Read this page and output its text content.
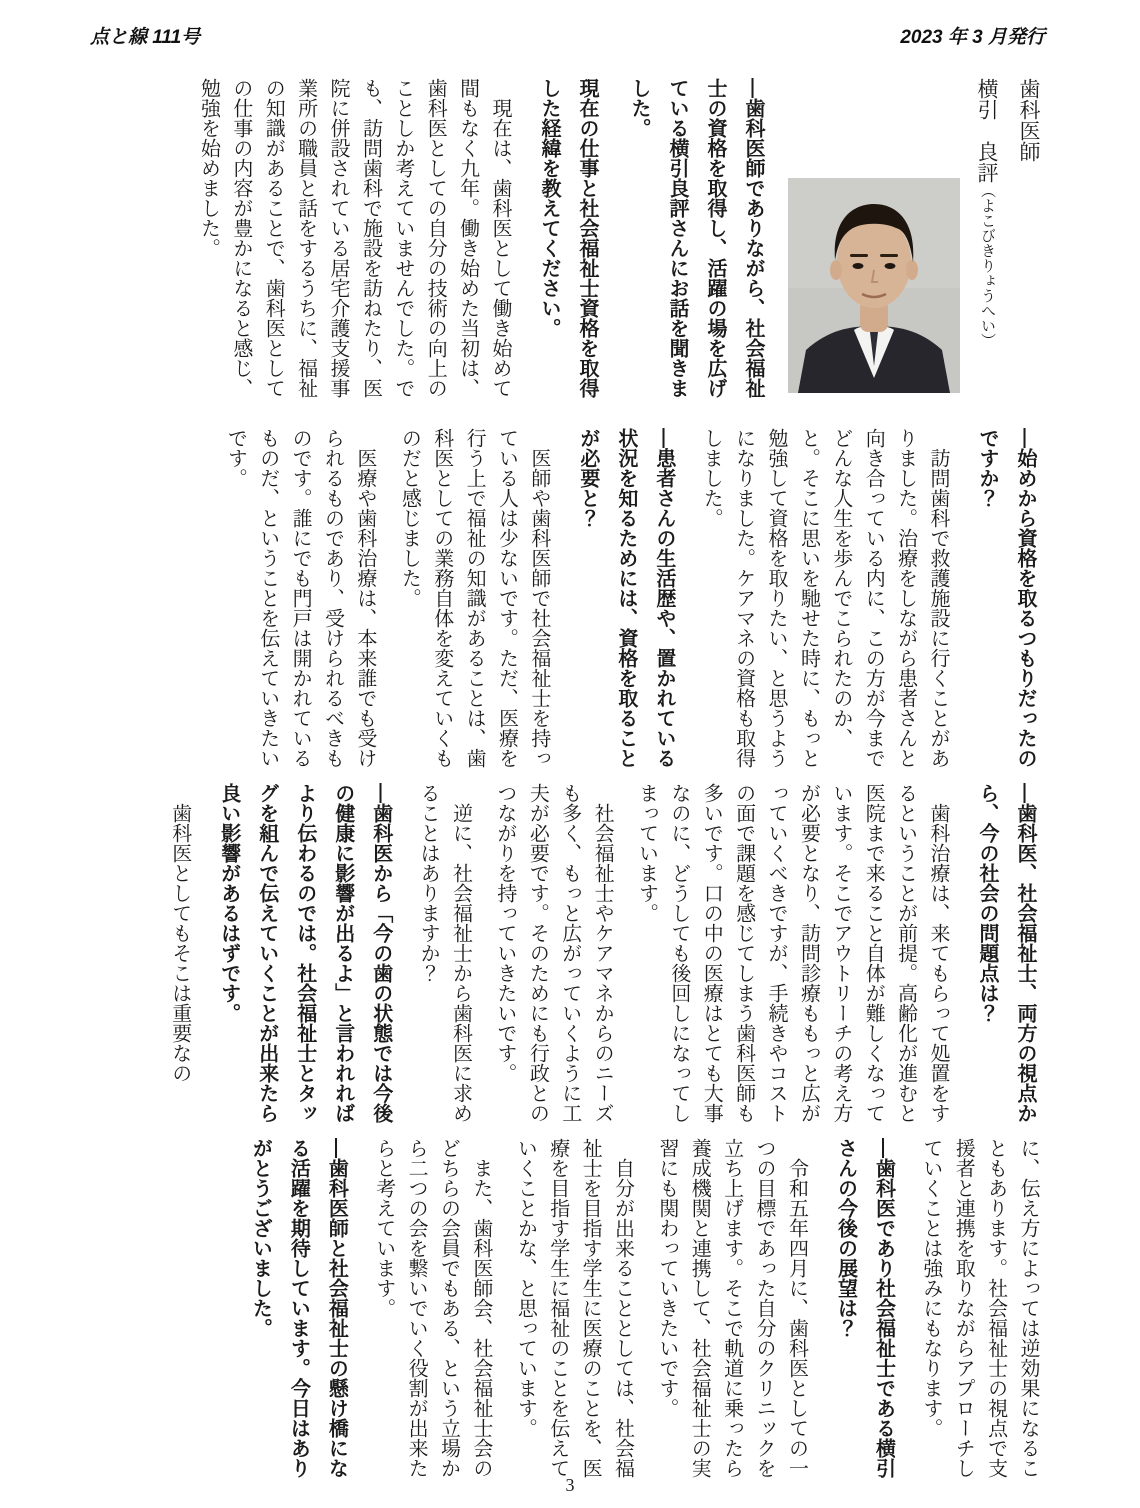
点と線 111号	2023 年 3 月発行

歯科医師

横引　良評（よこびきりょうへい）

―歯科医師でありながら、社会福祉士の資格を取得し、活躍の場を広げている横引良評さんにお話を聞きました。

現在の仕事と社会福祉士資格を取得した経緯を教えてください。

　現在は、歯科医として働き始めて間もなく九年。働き始めた当初は、歯科医としての自分の技術の向上のことしか考えていませんでした。でも、訪問歯科で施設を訪ねたり、医院に併設されている居宅介護支援事業所の職員と話をするうちに、福祉の知識があることで、歯科医としての仕事の内容が豊かになると感じ、勉強を始めました。

―始めから資格を取るつもりだったのですか？

　訪問歯科で救護施設に行くことがありました。治療をしながら患者さんと向き合っている内に、この方が今までどんな人生を歩んでこられたのか、と。そこに思いを馳せた時に、もっと勉強して資格を取りたい、と思うようになりました。ケアマネの資格も取得しました。

―患者さんの生活歴や、置かれている状況を知るためには、資格を取ることが必要と？

　医師や歯科医師で社会福祉士を持っている人は少ないです。ただ、医療を行う上で福祉の知識があることは、歯科医としての業務自体を変えていくものだと感じました。

　医療や歯科治療は、本来誰でも受けられるものであり、受けられるべきものです。誰にでも門戸は開かれているものだ、ということを伝えていきたいです。

―歯科医、社会福祉士、両方の視点から、今の社会の問題点は？

　歯科治療は、来てもらって処置をするということが前提。高齢化が進むと医院まで来ること自体が難しくなっています。そこでアウトリーチの考え方が必要となり、訪問診療ももっと広がっていくべきですが、手続きやコストの面で課題を感じてしまう歯科医師も多いです。口の中の医療はとても大事なのに、どうしても後回しになってしまっています。

　社会福祉士やケアマネからのニーズも多く、もっと広がっていくように工夫が必要です。そのためにも行政とのつながりを持っていきたいです。

　逆に、社会福祉士から歯科医に求めることはありますか？

―歯科医から「今の歯の状態では今後の健康に影響が出るよ」と言われればより伝わるのでは。社会福祉士とタッグを組んで伝えていくことが出来たら良い影響があるはずです。

　歯科医としてもそこは重要なの

に、伝え方によっては逆効果になることもあります。社会福祉士の視点で支援者と連携を取りながらアプローチしていくことは強みにもなります。

―歯科医であり社会福祉士である横引さんの今後の展望は？

　令和五年四月に、歯科医としての一つの目標であった自分のクリニックを立ち上げます。そこで軌道に乗ったら養成機関と連携して、社会福祉士の実習にも関わっていきたいです。

　自分が出来ることとしては、社会福祉士を目指す学生に医療のことを、医療を目指す学生に福祉のことを伝えていくことかな、と思っています。

　また、歯科医師会、社会福祉士会のどちらの会員でもある、という立場から二つの会を繋いでいく役割が出来たらと考えています。

―歯科医師と社会福祉士の懸け橋になる活躍を期待しています。今日はありがとうございました。

3
